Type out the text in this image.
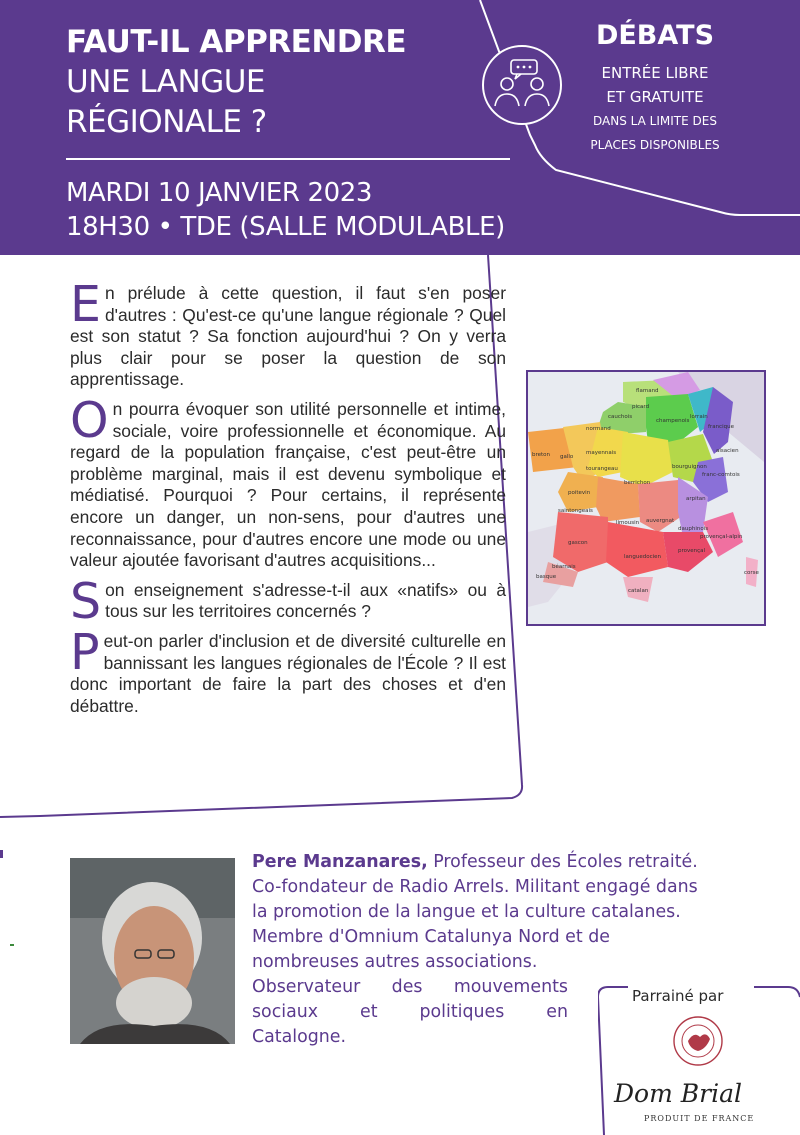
FAUT-IL APPRENDRE
UNE LANGUE
RÉGIONALE ?
MARDI 10 JANVIER 2023
18H30 • TDE (SALLE MODULABLE)
DÉBATS
ENTRÉE LIBRE
ET GRATUITE
DANS LA LIMITE DES
PLACES DISPONIBLES

En prélude à cette question, il faut s'en poser d'autres : Qu'est-ce qu'une langue régionale ? Quel est son statut ? Sa fonction aujourd'hui ? On y verra plus clair pour se poser la question de son apprentissage.

On pourra évoquer son utilité personnelle et intime, sociale, voire professionnelle et économique. Au regard de la population française, c'est peut-être un problème marginal, mais il est devenu symbolique et médiatisé. Pourquoi ? Pour certains, il représente encore un danger, un non-sens, pour d'autres une reconnaissance, pour d'autres encore une mode ou une valeur ajoutée favorisant d'autres acquisitions...

Son enseignement s'adresse-t-il aux «natifs» ou à tous sur les territoires concernés ?

Peut-on parler d'inclusion et de diversité culturelle en bannissant les langues régionales de l'École ? Il est donc important de faire la part des choses et d'en débattre.

flamand
picard
cauchois
normand
champenois
lorrain
francique
alsacien
breton gallo
mayennais
tourangeau	bourguignon
franc-comtois
poitevin
berrichon
arpitan
saintongeais
limousin auvergnat
dauphinois
gascon
languedocien
provençal
provençal-alpin
béarnais
basque
catalan
corse
Pere Manzanares, Professeur des Écoles retraité.
Co-fondateur de Radio Arrels. Militant engagé dans
la promotion de la langue et la culture catalanes.
Membre d'Omnium Catalunya Nord et de
nombreuses autres associations.
Observateur des mouvements
sociaux et politiques en
Catalogne.
Parrainé par
Dom Brial
PRODUIT DE FRANCE
